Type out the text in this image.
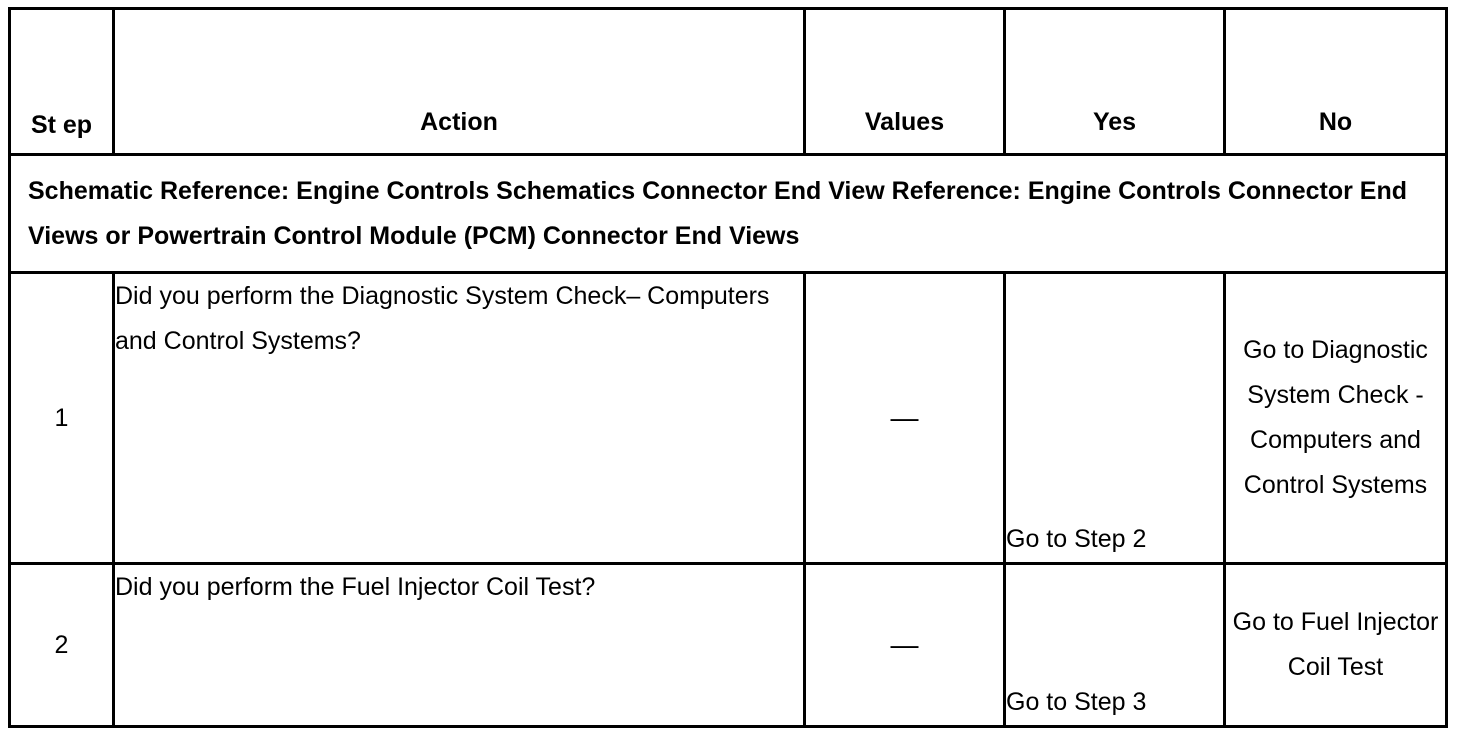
St ep	Action	Values	Yes	No
Schematic Reference: Engine Controls Schematics Connector End View Reference: Engine Controls Connector End Views or Powertrain Control Module (PCM) Connector End Views				
1	Did you perform the Diagnostic System Check– Computers and Control Systems?	—	Go to Step 2	Go to Diagnostic System Check - Computers and Control Systems
2	Did you perform the Fuel Injector Coil Test?	—	Go to Step 3	Go to Fuel Injector Coil Test
